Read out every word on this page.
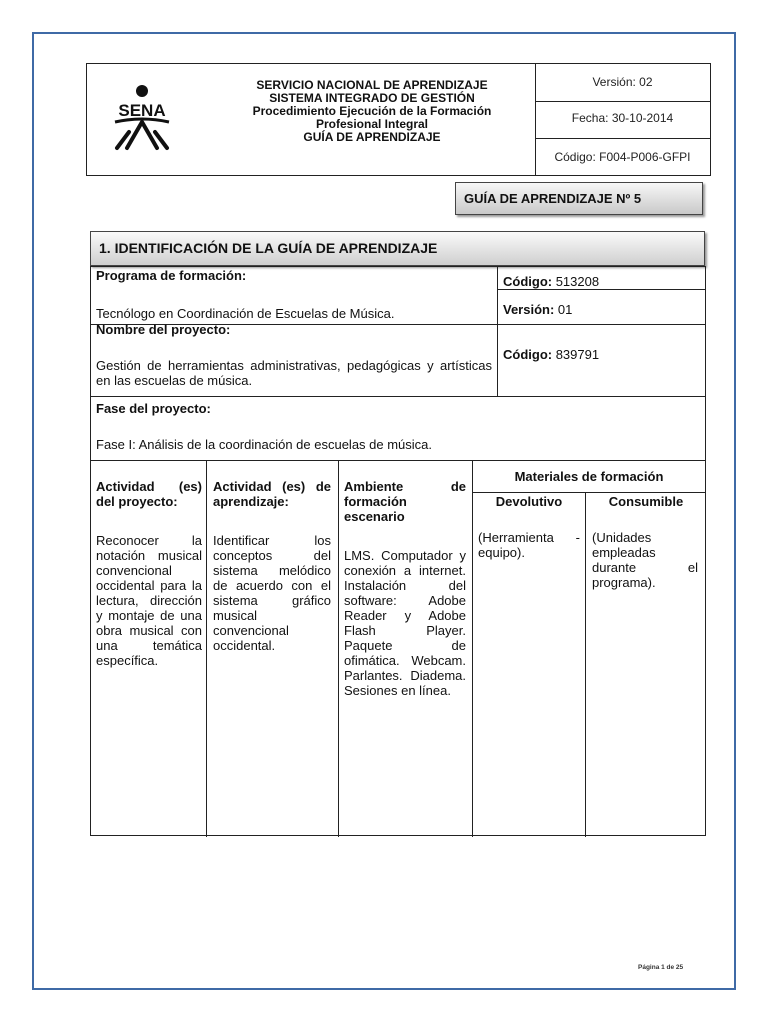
SENA
SERVICIO NACIONAL DE APRENDIZAJE
SISTEMA INTEGRADO DE GESTIÓN
Procedimiento Ejecución de la Formación
Profesional Integral
GUÍA DE APRENDIZAJE
Versión: 02
Fecha: 30-10-2014
Código: F004-P006-GFPI
GUÍA DE APRENDIZAJE Nº 5
1. IDENTIFICACIÓN DE LA GUÍA DE APRENDIZAJE
Programa de formación:
Tecnólogo en Coordinación de Escuelas de Música.
Código: 513208
Versión: 01
Nombre del proyecto:
Gestión de herramientas administrativas, pedagógicas y artísticas en las escuelas de música.
Código: 839791
Fase del proyecto:
Fase I: Análisis de la coordinación de escuelas de música.
Actividad (es) del proyecto:
Actividad (es) de aprendizaje:
Ambiente de formación escenario
Materiales de formación
Devolutivo	Consumible
Reconocer la notación musical convencional occidental para la lectura, dirección y montaje de una obra musical con una temática específica.
Identificar los conceptos del sistema melódico de acuerdo con el sistema gráfico musical convencional occidental.
LMS. Computador y conexión a internet. Instalación del software: Adobe Reader y Adobe Flash Player. Paquete de ofimática. Webcam. Parlantes. Diadema. Sesiones en línea.
(Herramienta - equipo).
(Unidades empleadas durante el programa).
Página 1 de 25
